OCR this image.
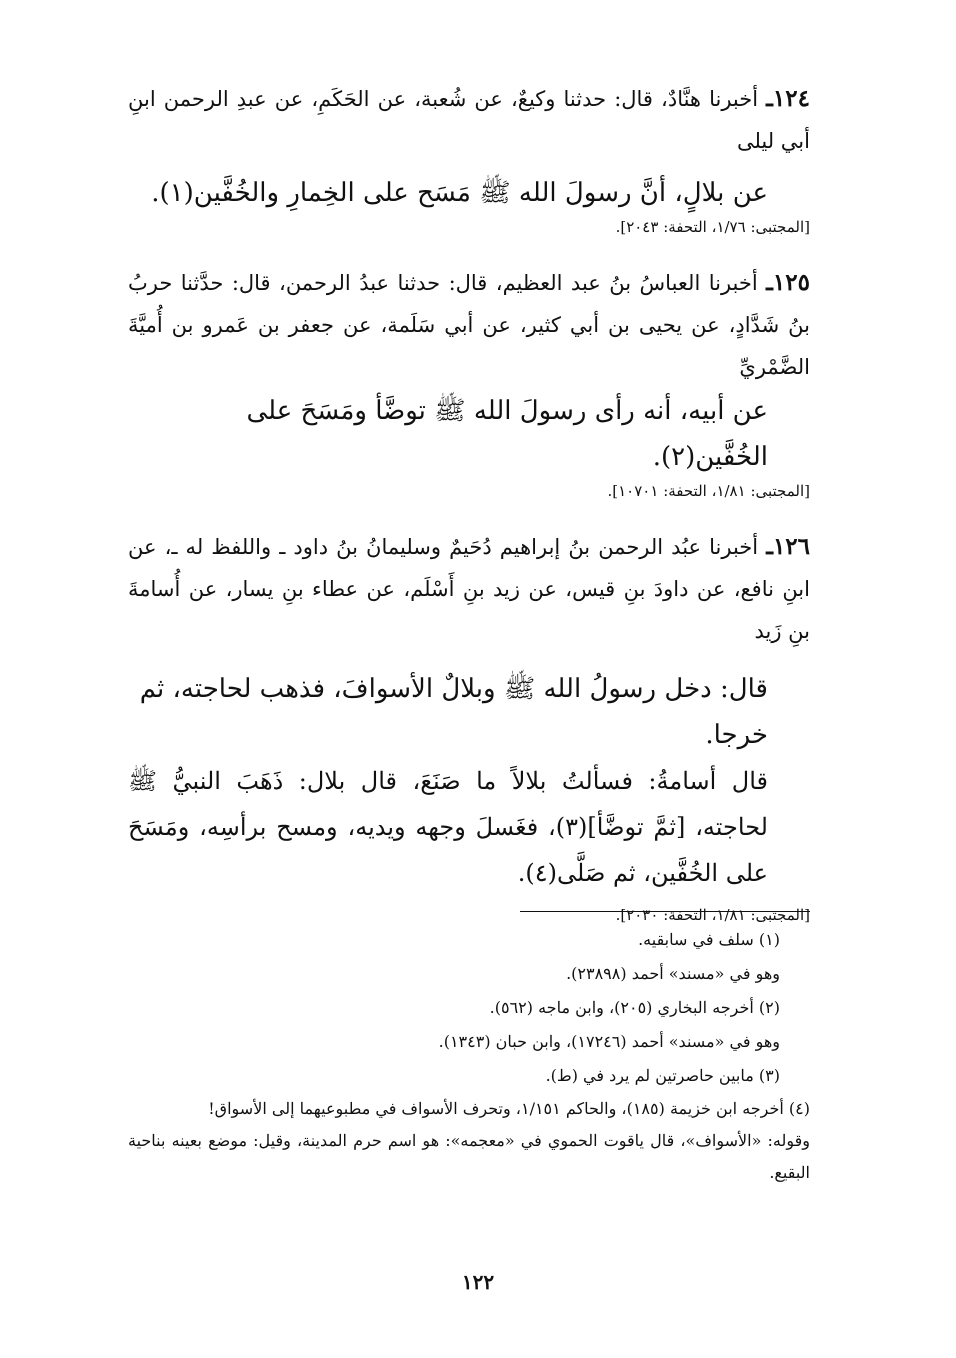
١٢٤ـ أخبرنا هنَّادٌ، قال: حدثنا وكيعٌ، عن شُعبة، عن الحَكَمِ، عن عبدِ الرحمن ابنِ أبي ليلى

عن بلالٍ، أنَّ رسولَ الله ﷺ مَسَح على الخِمارِ والخُفَّين(١).

[المجتبى: ١/٧٦، التحفة: ٢٠٤٣].

١٢٥ـ أخبرنا العباسُ بنُ عبد العظيم، قال: حدثنا عبدُ الرحمن، قال: حدَّثنا حربُ بنُ شَدَّادٍ، عن يحيى بن أبي كثير، عن أبي سَلَمة، عن جعفر بن عَمرو بن أُميَّةَ الضَّمْريِّ

عن أبيه، أنه رأى رسولَ الله ﷺ توضَّأ ومَسَحَ على الخُفَّين(٢).

[المجتبى: ١/٨١، التحفة: ١٠٧٠١].

١٢٦ـ أخبرنا عبُد الرحمن بنُ إبراهيم دُحَيمٌ وسليمانُ بنُ داود ـ واللفظ له ـ، عن ابنِ نافع، عن داودَ بنِ قيس، عن زيد بنِ أَسْلَم، عن عطاء بنِ يسار، عن أُسامةَ بنِ زَيد

قال: دخل رسولُ الله ﷺ وبلالٌ الأسوافَ، فذهب لحاجته، ثم خرجا.

قال أسامةُ: فسألتُ بلالاً ما صَنَعَ، قال بلال: ذَهَبَ النبيُّ ﷺ لحاجته، [ثمَّ توضَّأ](٣)، فغَسلَ وجهه ويديه، ومسح برأسِه، ومَسَحَ على الخُفَّين، ثم صَلَّى(٤).

[المجتبى: ١/٨١، التحفة: ٢٠٣٠].

(١) سلف في سابقيه.

وهو في «مسند» أحمد (٢٣٨٩٨).

(٢) أخرجه البخاري (٢٠٥)، وابن ماجه (٥٦٢).

وهو في «مسند» أحمد (١٧٢٤٦)، وابن حبان (١٣٤٣).

(٣) مابين حاصرتين لم يرد في (ط).

(٤) أخرجه ابن خزيمة (١٨٥)، والحاكم ١/١٥١، وتحرف الأسواف في مطبوعيهما إلى الأسواق!

وقوله: «الأسواف»، قال ياقوت الحموي في «معجمه»: هو اسم حرم المدينة، وقيل: موضع بعينه بناحية البقيع.

١٢٢
